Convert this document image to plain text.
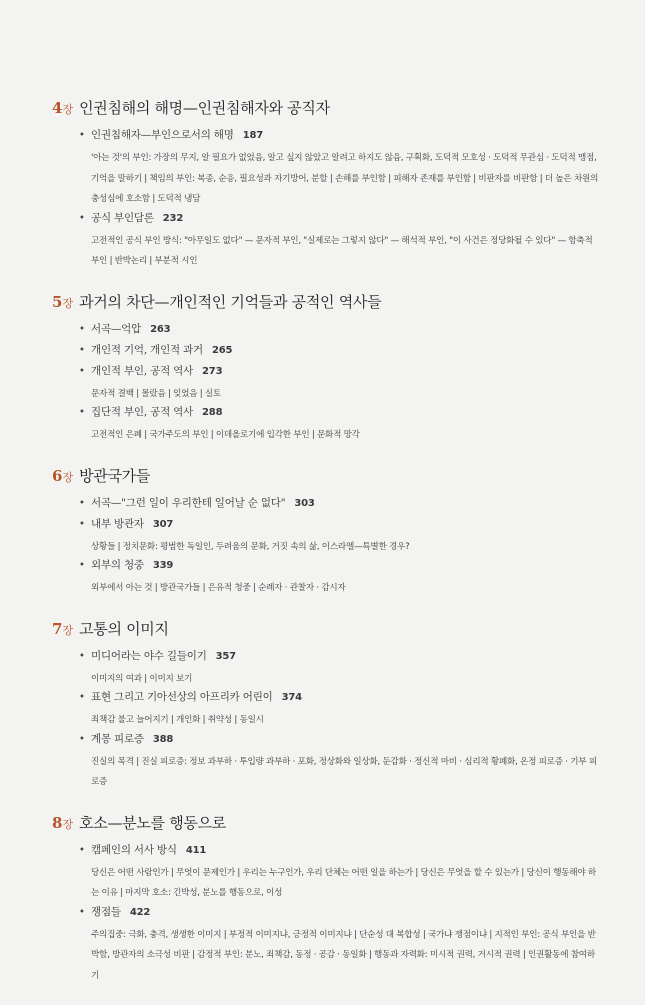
4 장 인권침해의 해명—인권침해자와 공직자
• 인권침해자—부인으로서의 해명 187
'아는 것'의 부인: 가장의 무지, 알 필요가 없었음, 알고 싶지 않았고 알려고 하지도 않음, 구획화, 도덕적 모호성 · 도덕적 무관심 · 도덕적 맹점, 기억을 말하기 | 책임의 부인: 복종, 순응, 필요성과 자기방어, 분할 | 손해를 부인함 | 피해자 존재를 부인함 | 비판자를 비판함 | 더 높은 차원의 충성심에 호소함 | 도덕적 냉담
• 공식 부인담론 232
고전적인 공식 부인 방식: "아무일도 없다" — 문자적 부인, "실제로는 그렇지 않다" — 해석적 부인, "이 사건은 정당화될 수 있다" — 함축적 부인 | 반박논리 | 부분적 시인
5 장 과거의 차단—개인적인 기억들과 공적인 역사들
• 서곡—억압 263
• 개인적 기억, 개인적 과거 265
• 개인적 부인, 공적 역사 273
문자적 결백 | 몰랐음 | 잊었음 | 실토
• 집단적 부인, 공적 역사 288
고전적인 은폐 | 국가주도의 부인 | 이데올로기에 입각한 부인 | 문화적 망각
6 장 방관국가들
• 서곡—"그런 일이 우리한테 일어날 순 없다" 303
• 내부 방관자 307
상황들 | 정치문화: 평범한 독일인, 두려움의 문화, 거짓 속의 삶, 이스라엘—특별한 경우?
• 외부의 청중 339
외부에서 아는 것 | 방관국가들 | 은유적 청중 | 순례자 · 관찰자 · 감시자
7 장 고통의 이미지
• 미디어라는 야수 길들이기 357
이미지의 여과 | 이미지 보기
• 표현 그리고 기아선상의 아프리카 어린이 374
죄책감 불고 늘어지기 | 개인화 | 취약성 | 동일시
• 계몽 피로증 388
진실의 목격 | 진실 피로증: 정보 과부하 · 투입량 과부하 · 포화, 정상화와 일상화, 둔감화 · 정신적 마비 · 심리적 황폐화, 온정 피로증 · 기부 피로증
8 장 호소—분노를 행동으로
• 캠페인의 서사 방식 411
당신은 어떤 사람인가 | 무엇이 문제인가 | 우리는 누구인가, 우리 단체는 어떤 일을 하는가 | 당신은 무엇을 할 수 있는가 | 당신이 행동해야 하는 이유 | 마지막 호소: 긴박성, 분노를 행동으로, 이성
• 쟁점들 422
주의집중: 극화, 충격, 생생한 이미지 | 부정적 이미지냐, 긍정적 이미지냐 | 단순성 대 복합성 | 국가냐 쟁점이냐 | 지적인 부인: 공식 부인을 반박함, 방관자의 소극성 비판 | 감정적 부인: 분노, 죄책감, 동정 · 공감 · 동일화 | 행동과 자력화: 미시적 권력, 거시적 권력 | 인권활동에 참여하기
